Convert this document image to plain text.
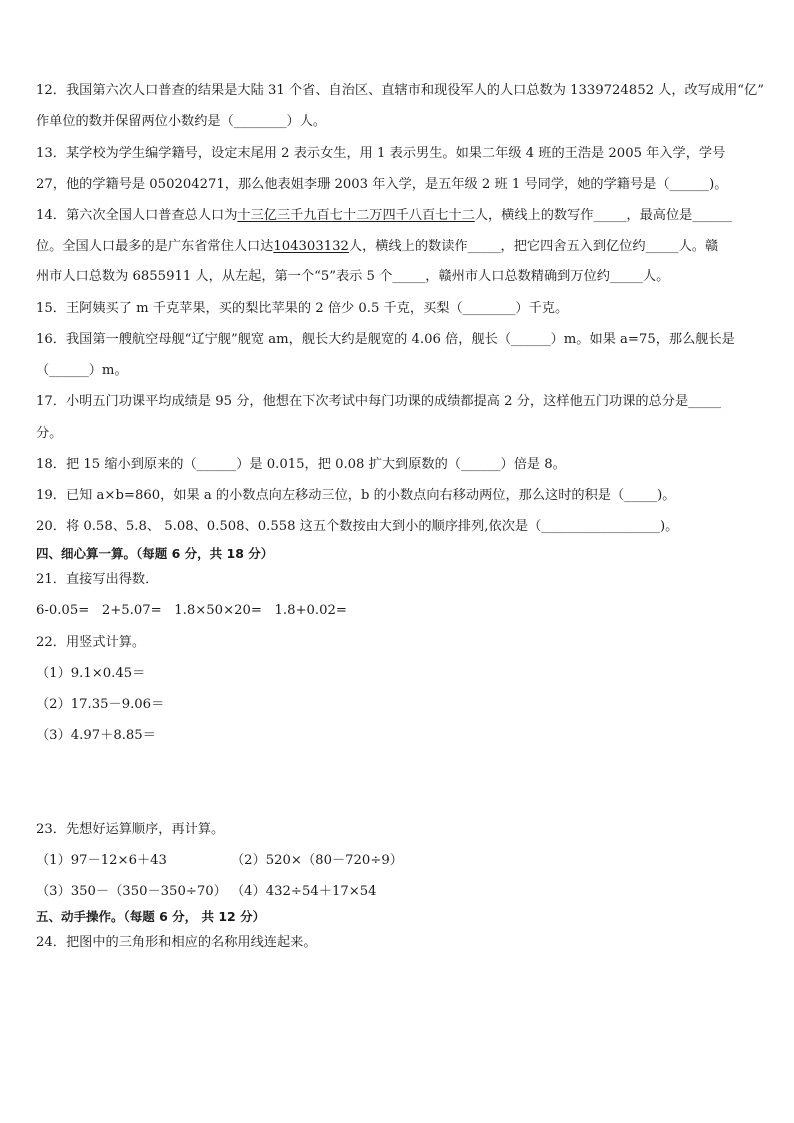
12．我国第六次人口普查的结果是大陆 31 个省、自治区、直辖市和现役军人的人口总数为 1339724852 人，改写成用“亿”
作单位的数并保留两位小数约是（________）人。
13．某学校为学生编学籍号，设定末尾用 2 表示女生，用 1 表示男生。如果二年级 4 班的王浩是 2005 年入学，学号
27，他的学籍号是 050204271，那么他表姐李珊 2003 年入学，是五年级 2 班 1 号同学，她的学籍号是（______)。
14．第六次全国人口普查总人口为十三亿三千九百七十二万四千八百七十二人，横线上的数写作_____，最高位是______
位。全国人口最多的是广东省常住人口达104303132人，横线上的数读作_____，把它四舍五入到亿位约_____人。赣
州市人口总数为 6855911 人，从左起，第一个“5”表示 5 个_____，赣州市人口总数精确到万位约_____人。
15．王阿姨买了 m 千克苹果，买的梨比苹果的 2 倍少 0.5 千克，买梨（________）千克。
16．我国第一艘航空母舰“辽宁舰”舰宽 am，舰长大约是舰宽的 4.06 倍，舰长（______）m。如果 a=75，那么舰长是
（______）m。
17．小明五门功课平均成绩是 95 分，他想在下次考试中每门功课的成绩都提高 2 分，这样他五门功课的总分是_____
分。
18．把 15 缩小到原来的（______）是 0.015，把 0.08 扩大到原数的（______）倍是 8。
19．已知 a×b=860，如果 a 的小数点向左移动三位，b 的小数点向右移动两位，那么这时的积是（_____)。
20．将 0.58、5.8、 5.08、0.508、0.558 这五个数按由大到小的顺序排列,依次是（__________________)。
四、细心算一算。（每题 6 分，共 18 分）
21．直接写出得数．
6-0.05=   2+5.07=   1.8×50×20=   1.8+0.02=
22．用竖式计算。
（1）9.1×0.45＝
（2）17.35－9.06＝
（3）4.97＋8.85＝
23．先想好运算顺序，再计算。
（1）97－12×6＋43	（2）520×（80－720÷9）
（3）350－（350－350÷70） （4）432÷54＋17×54
五、动手操作。（每题 6 分， 共 12 分）
24．把图中的三角形和相应的名称用线连起来。
